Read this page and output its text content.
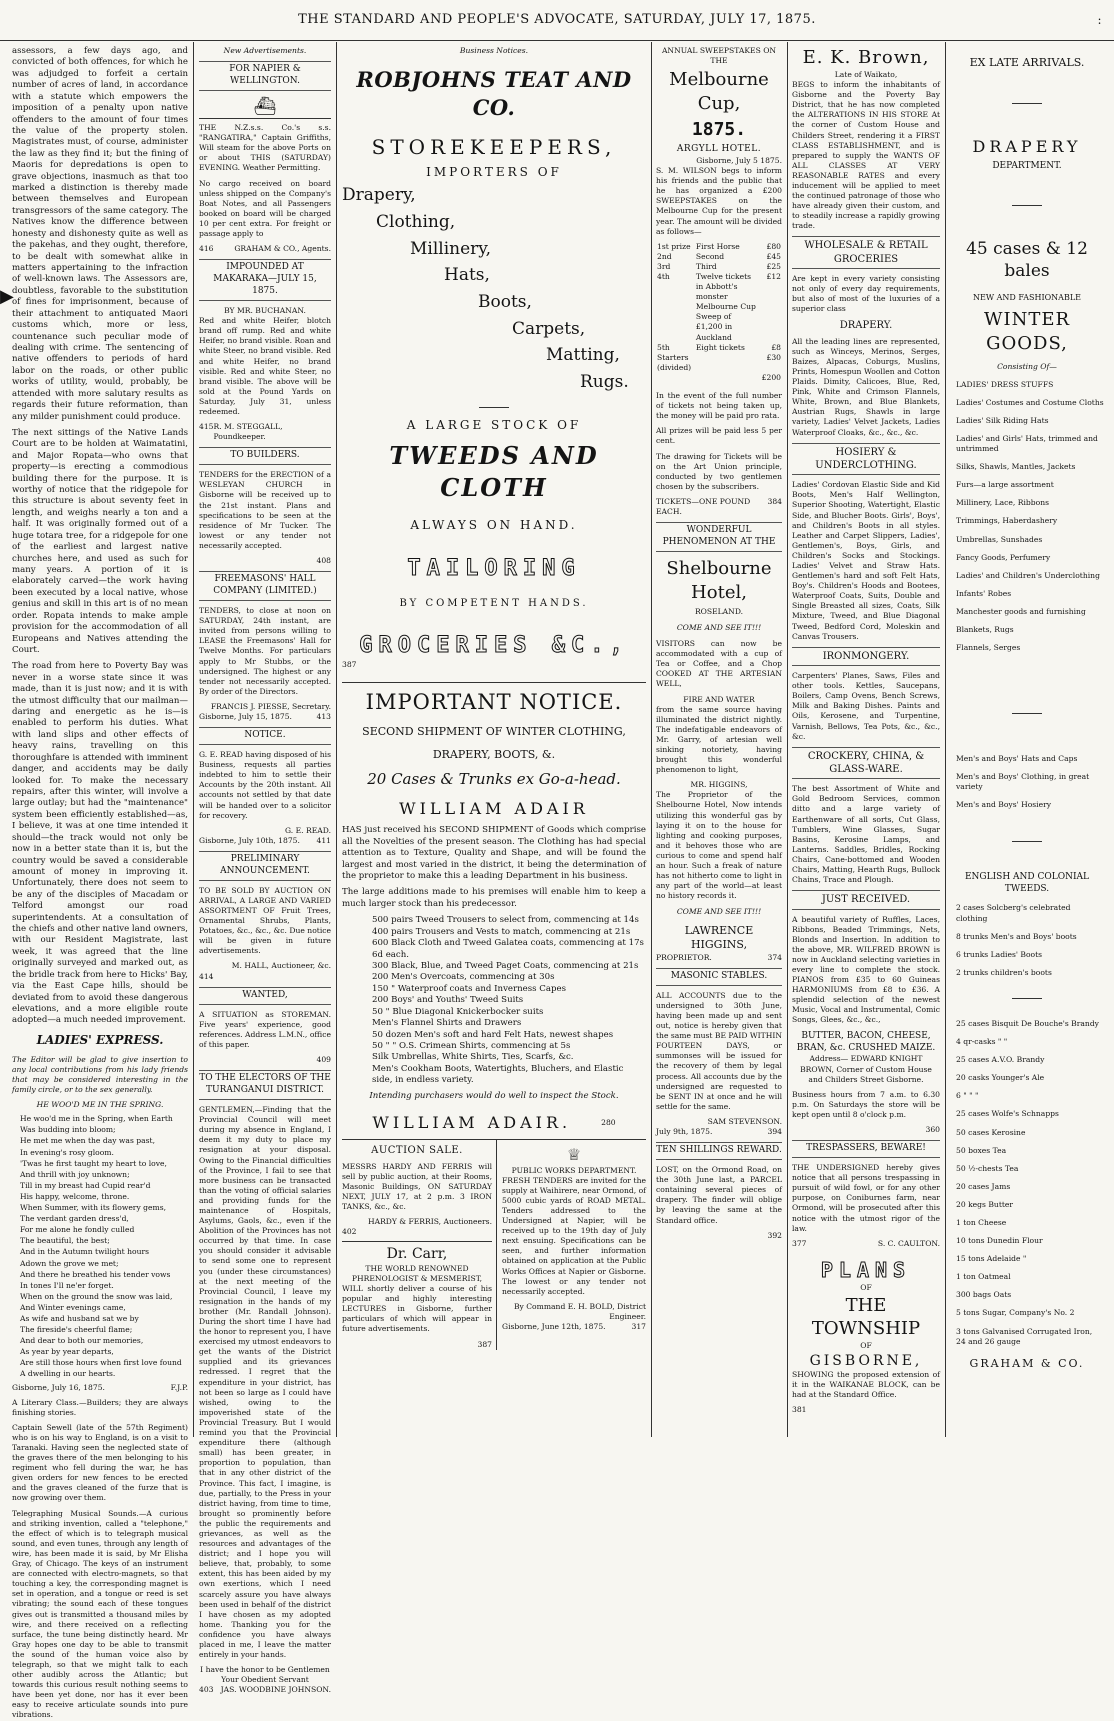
THE STANDARD AND PEOPLE'S ADVOCATE, SATURDAY, JULY 17, 1875.	:
▶

assessors, a few days ago, and convicted of both offences, for which he was adjudged to forfeit a certain number of acres of land, in accordance with a statute which empowers the imposition of a penalty upon native offenders to the amount of four times the value of the property stolen. Magistrates must, of course, administer the law as they find it; but the fining of Maoris for depredations is open to grave objections, inasmuch as that too marked a distinction is thereby made between themselves and European transgressors of the same category. The Natives know the difference between honesty and dishonesty quite as well as the pakehas, and they ought, therefore, to be dealt with somewhat alike in matters appertaining to the infraction of well-known laws. The Assessors are, doubtless, favorable to the substitution of fines for imprisonment, because of their attachment to antiquated Maori customs which, more or less, countenance such peculiar mode of dealing with crime. The sentencing of native offenders to periods of hard labor on the roads, or other public works of utility, would, probably, be attended with more salutary results as regards their future reformation, than any milder punishment could produce.

The next sittings of the Native Lands Court are to be holden at Waimatatini, and Major Ropata—who owns that property—is erecting a commodious building there for the purpose. It is worthy of notice that the ridgepole for this structure is about seventy feet in length, and weighs nearly a ton and a half. It was originally formed out of a huge totara tree, for a ridgepole for one of the earliest and largest native churches here, and used as such for many years. A portion of it is elaborately carved—the work having been executed by a local native, whose genius and skill in this art is of no mean order. Ropata intends to make ample provision for the accommodation of all Europeans and Natives attending the Court.

The road from here to Poverty Bay was never in a worse state since it was made, than it is just now; and it is with the utmost difficulty that our mailman—daring and energetic as he is—is enabled to perform his duties. What with land slips and other effects of heavy rains, travelling on this thoroughfare is attended with imminent danger, and accidents may be daily looked for. To make the necessary repairs, after this winter, will involve a large outlay; but had the "maintenance" system been efficiently established—as, I believe, it was at one time intended it should—the track would not only be now in a better state than it is, but the country would be saved a considerable amount of money in improving it. Unfortunately, there does not seem to be any of the disciples of Macadam or Telford amongst our road superintendents. At a consultation of the chiefs and other native land owners, with our Resident Magistrate, last week, it was agreed that the line originally surveyed and marked out, as the bridle track from here to Hicks' Bay, via the East Cape hills, should be deviated from to avoid these dangerous elevations, and a more eligible route adopted—a much needed improvement.

LADIES' EXPRESS.

The Editor will be glad to give insertion to any local contributions from his lady friends that may be considered interesting in the family circle, or to the sex generally.

HE WOO'D ME IN THE SPRING.
He woo'd me in the Spring, when Earth
Was budding into bloom;
He met me when the day was past,
In evening's rosy gloom.
'Twas he first taught my heart to love,
And thrill with joy unknown;
Till in my breast had Cupid rear'd
His happy, welcome, throne.
When Summer, with its flowery gems,
The verdant garden dress'd,
For me alone he fondly culled
The beautiful, the best;
And in the Autumn twilight hours
Adown the grove we met;
And there he breathed his tender vows
In tones I'll ne'er forget.
When on the ground the snow was laid,
And Winter evenings came,
As wife and husband sat we by
The fireside's cheerful flame;
And dear to both our memories,
As year by year departs,
Are still those hours when first love found
A dwelling in our hearts.
Gisborne, July 16, 1875.	F.J.P.

A Literary Class.—Builders; they are always finishing stories.

Captain Sewell (late of the 57th Regiment) who is on his way to England, is on a visit to Taranaki. Having seen the neglected state of the graves there of the men belonging to his regiment who fell during the war, he has given orders for new fences to be erected and the graves cleaned of the furze that is now growing over them.

Telegraphing Musical Sounds.—A curious and striking invention, called a "telephone," the effect of which is to telegraph musical sound, and even tunes, through any length of wire, has been made it is said, by Mr Elisha Gray, of Chicago. The keys of an instrument are connected with electro-magnets, so that touching a key, the corresponding magnet is set in operation, and a tongue or reed is set vibrating; the sound each of these tongues gives out is transmitted a thousand miles by wire, and there received on a reflecting surface, the tune being distinctly heard. Mr Gray hopes one day to be able to transmit the sound of the human voice also by telegraph, so that we might talk to each other audibly across the Atlantic; but towards this curious result nothing seems to have been yet done, nor has it ever been easy to receive articulate sounds into pure vibrations.

New Advertisements.
FOR NAPIER & WELLINGTON.
⛴

THE N.Z.s.s. Co.'s s.s. "RANGATIRA," Captain Griffiths, Will steam for the above Ports on or about THIS (SATURDAY) EVENING. Weather Permitting.

No cargo received on board unless shipped on the Company's Boat Notes, and all Passengers booked on board will be charged 10 per cent extra. For freight or passage apply to

416	GRAHAM & CO., Agents.
IMPOUNDED AT MAKARAKA—JULY 15, 1875.
BY MR. BUCHANAN.

Red and white Heifer, blotch brand off rump. Red and white Heifer, no brand visible. Roan and white Steer, no brand visible. Red and white Heifer, no brand visible. Red and white Steer, no brand visible. The above will be sold at the Pound Yards on Saturday, July 31, unless redeemed.

415 R. M. STEGGALL, Poundkeeper.
TO BUILDERS.

TENDERS for the ERECTION of a WESLEYAN CHURCH in Gisborne will be received up to the 21st instant. Plans and specifications to be seen at the residence of Mr Tucker. The lowest or any tender not necessarily accepted.

408
FREEMASONS' HALL COMPANY (LIMITED.)

TENDERS, to close at noon on SATURDAY, 24th instant, are invited from persons willing to LEASE the Freemasons' Hall for Twelve Months. For particulars apply to Mr Stubbs, or the undersigned. The highest or any tender not necessarily accepted. By order of the Directors.

FRANCIS J. PIESSE, Secretary.
Gisborne, July 15, 1875.	413
NOTICE.

G. E. READ having disposed of his Business, requests all parties indebted to him to settle their Accounts by the 20th instant. All accounts not settled by that date will be handed over to a solicitor for recovery.

G. E. READ.
Gisborne, July 10th, 1875. 411
PRELIMINARY ANNOUNCEMENT.

TO BE SOLD BY AUCTION ON ARRIVAL, A LARGE AND VARIED ASSORTMENT OF Fruit Trees, Ornamental Shrubs, Plants, Potatoes, &c., &c., &c. Due notice will be given in future advertisements.

M. HALL, Auctioneer, &c.
414
WANTED,

A SITUATION as STOREMAN. Five years' experience, good references. Address L.M.N., office of this paper.

409
TO THE ELECTORS OF THE TURANGANUI DISTRICT.

GENTLEMEN,—Finding that the Provincial Council will meet during my absence in England, I deem it my duty to place my resignation at your disposal. Owing to the Financial difficulties of the Province, I fail to see that more business can be transacted than the voting of official salaries and providing funds for the maintenance of Hospitals, Asylums, Gaols, &c., even if the Abolition of the Provinces has not occurred by that time. In case you should consider it advisable to send some one to represent you (under these circumstances) at the next meeting of the Provincial Council, I leave my resignation in the hands of my brother (Mr. Randall Johnson). During the short time I have had the honor to represent you, I have exercised my utmost endeavors to get the wants of the District supplied and its grievances redressed. I regret that the expenditure in your district, has not been so large as I could have wished, owing to the impoverished state of the Provincial Treasury. But I would remind you that the Provincial expenditure there (although small) has been greater, in proportion to population, than that in any other district of the Province. This fact, I imagine, is due, partially, to the Press in your district having, from time to time, brought so prominently before the public the requirements and grievances, as well as the resources and advantages of the district; and I hope you will believe, that, probably, to some extent, this has been aided by my own exertions, which I need scarcely assure you have always been used in behalf of the district I have chosen as my adopted home. Thanking you for the confidence you have always placed in me, I leave the matter entirely in your hands.

I have the honor to be Gentlemen Your Obedient Servant
403 JAS. WOODBINE JOHNSON.
Business Notices.
ROBJOHNS TEAT AND CO.
STOREKEEPERS,
IMPORTERS OF
Drapery,
Clothing,
Millinery,
Hats,
Boots,
Carpets,
Matting,
Rugs.
A LARGE STOCK OF
TWEEDS AND CLOTH
ALWAYS ON HAND.
TAILORING
BY COMPETENT HANDS.
GROCERIES &C.,
387
IMPORTANT NOTICE.
SECOND SHIPMENT OF WINTER CLOTHING,
DRAPERY, BOOTS, &.
20 Cases & Trunks ex Go-a-head.
WILLIAM ADAIR

HAS just received his SECOND SHIPMENT of Goods which comprise all the Novelties of the present season. The Clothing has had special attention as to Texture, Quality and Shape, and will be found the largest and most varied in the district, it being the determination of the proprietor to make this a leading Department in his business.

The large additions made to his premises will enable him to keep a much larger stock than his predecessor.

500 pairs Tweed Trousers to select from, commencing at 14s
400 pairs Trousers and Vests to match, commencing at 21s
600 Black Cloth and Tweed Galatea coats, commencing at 17s 6d each.
300 Black, Blue, and Tweed Paget Coats, commencing at 21s
200 Men's Overcoats, commencing at 30s
150 " Waterproof coats and Inverness Capes
200 Boys' and Youths' Tweed Suits
50 " Blue Diagonal Knickerbocker suits
Men's Flannel Shirts and Drawers
50 dozen Men's soft and hard Felt Hats, newest shapes
50 " " O.S. Crimean Shirts, commencing at 5s
Silk Umbrellas, White Shirts, Ties, Scarfs, &c.
Men's Cookham Boots, Watertights, Bluchers, and Elastic side, in endless variety.
Intending purchasers would do well to inspect the Stock.
WILLIAM ADAIR.	280
AUCTION SALE.

MESSRS HARDY AND FERRIS will sell by public auction, at their Rooms, Masonic Buildings, ON SATURDAY NEXT, JULY 17, at 2 p.m. 3 IRON TANKS, &c., &c.

HARDY & FERRIS, Auctioneers.
402
Dr. Carr,
THE WORLD RENOWNED PHRENOLOGIST & MESMERIST,

WILL shortly deliver a course of his popular and highly interesting LECTURES in Gisborne, further particulars of which will appear in future advertisements.

387
♕
PUBLIC WORKS DEPARTMENT.

FRESH TENDERS are invited for the supply at Waihirere, near Ormond, of 5000 cubic yards of ROAD METAL. Tenders addressed to the Undersigned at Napier, will be received up to the 19th day of July next ensuing. Specifications can be seen, and further information obtained on application at the Public Works Offices at Napier or Gisborne. The lowest or any tender not necessarily accepted.

By Command E. H. BOLD, District Engineer.
Gisborne, June 12th, 1875.	317
ANNUAL SWEEPSTAKES ON THE
Melbourne Cup,
1875.
ARGYLL HOTEL.
Gisborne, July 5 1875.

S. M. WILSON begs to inform his friends and the public that he has organized a £200 SWEEPSTAKES on the Melbourne Cup for the present year. The amount will be divided as follows—

1st prize	First Horse	£80
2nd	Second	£45
3rd	Third	£25
4th	Twelve tickets in Abbott's monster Melbourne Cup Sweep of £1,200 in Auckland	£12
5th	Eight tickets	£8
Starters (divided)		£30
		£200

In the event of the full number of tickets not being taken up, the money will be paid pro rata.

All prizes will be paid less 5 per cent.

The drawing for Tickets will be on the Art Union principle, conducted by two gentlemen chosen by the subscribers.

TICKETS—ONE POUND EACH.
384
WONDERFUL PHENOMENON AT THE
Shelbourne Hotel,
ROSELAND.
COME AND SEE IT!!!

VISITORS can now be accommodated with a cup of Tea or Coffee, and a Chop COOKED AT THE ARTESIAN WELL,

FIRE AND WATER

from the same source having illuminated the district nightly. The indefatigable endeavors of Mr. Garry, of artesian well sinking notoriety, having brought this wonderful phenomenon to light,

MR. HIGGINS,

The Proprietor of the Shelbourne Hotel, Now intends utilizing this wonderful gas by laying it on to the house for lighting and cooking purposes, and it behoves those who are curious to come and spend half an hour. Such a freak of nature has not hitherto come to light in any part of the world—at least no history records it.

COME AND SEE IT!!!
LAWRENCE HIGGINS,
PROPRIETOR.	374
MASONIC STABLES.

ALL ACCOUNTS due to the undersigned to 30th June, having been made up and sent out, notice is hereby given that the same must BE PAID WITHIN FOURTEEN DAYS, or summonses will be issued for the recovery of them by legal process. All accounts due by the undersigned are requested to be SENT IN at once and he will settle for the same.

SAM STEVENSON.
July 9th, 1875.	394
TEN SHILLINGS REWARD.

LOST, on the Ormond Road, on the 30th June last, a PARCEL containing several pieces of drapery. The finder will oblige by leaving the same at the Standard office.

392
E. K. Brown,
Late of Waikato,

BEGS to inform the inhabitants of Gisborne and the Poverty Bay District, that he has now completed the ALTERATIONS IN HIS STORE At the corner of Custom House and Childers Street, rendering it a FIRST CLASS ESTABLISHMENT, and is prepared to supply the WANTS OF ALL CLASSES AT VERY REASONABLE RATES and every inducement will be applied to meet the continued patronage of those who have already given their custom, and to steadily increase a rapidly growing trade.

WHOLESALE & RETAIL GROCERIES

Are kept in every variety consisting not only of every day requirements, but also of most of the luxuries of a superior class

DRAPERY.

All the leading lines are represented, such as Winceys, Merinos, Serges, Baizes, Alpacas, Coburgs, Muslins, Prints, Homespun Woollen and Cotton Plaids. Dimity, Calicoes, Blue, Red, Pink, White and Crimson Flannels, White, Brown, and Blue Blankets, Austrian Rugs, Shawls in large variety, Ladies' Velvet Jackets, Ladies Waterproof Cloaks, &c., &c., &c.

HOSIERY & UNDERCLOTHING.

Ladies' Cordovan Elastic Side and Kid Boots, Men's Half Wellington, Superior Shooting, Watertight, Elastic Side, and Blucher Boots. Girls', Boys', and Children's Boots in all styles. Leather and Carpet Slippers, Ladies', Gentlemen's, Boys, Girls, and Children's Socks and Stockings. Ladies' Velvet and Straw Hats. Gentlemen's hard and soft Felt Hats, Boy's. Children's Hoods and Bootees, Waterproof Coats, Suits, Double and Single Breasted all sizes, Coats, Silk Mixture, Tweed, and Blue Diagonal Tweed, Bedford Cord, Moleskin and Canvas Trousers.

IRONMONGERY.

Carpenters' Planes, Saws, Files and other tools. Kettles, Saucepans, Boilers, Camp Ovens, Bench Screws, Milk and Baking Dishes. Paints and Oils, Kerosene, and Turpentine, Varnish, Bellows, Tea Pots, &c., &c., &c.

CROCKERY, CHINA, & GLASS-WARE.

The best Assortment of White and Gold Bedroom Services, common ditto and a large variety of Earthenware of all sorts, Cut Glass, Tumblers, Wine Glasses, Sugar Basins, Kerosine Lamps, and Lanterns. Saddles, Bridles, Rocking Chairs, Cane-bottomed and Wooden Chairs, Matting, Hearth Rugs, Bullock Chains, Trace and Plough.

JUST RECEIVED.

A beautiful variety of Ruffles, Laces, Ribbons, Beaded Trimmings, Nets, Blonds and Insertion. In addition to the above, MR. WILFRED BROWN is now in Auckland selecting varieties in every line to complete the stock. PIANOS from £35 to 60 Guineas HARMONIUMS from £8 to £36. A splendid selection of the newest Music, Vocal and Instrumental, Comic Songs, Glees, &c., &c.,

BUTTER, BACON, CHEESE, BRAN, &c. CRUSHED MAIZE.

Address— EDWARD KNIGHT BROWN, Corner of Custom House and Childers Street Gisborne.

Business hours from 7 a.m. to 6.30 p.m. On Saturdays the store will be kept open until 8 o'clock p.m.

360
TRESPASSERS, BEWARE!

THE UNDERSIGNED hereby gives notice that all persons trespassing in pursuit of wild fowl, or for any other purpose, on Coniburnes farm, near Ormond, will be prosecuted after this notice with the utmost rigor of the law.

377	S. C. CAULTON.
PLANS
OF
THE TOWNSHIP
OF
GISBORNE,

SHOWING the proposed extension of it in the WAIKANAE BLOCK, can be had at the Standard Office.

381
EX LATE ARRIVALS.
DRAPERY
DEPARTMENT.
45 cases & 12 bales
NEW AND FASHIONABLE
WINTER GOODS,
Consisting Of—
LADIES' DRESS STUFFS
Ladies' Costumes and Costume Cloths
Ladies' Silk Riding Hats
Ladies' and Girls' Hats, trimmed and untrimmed
Silks, Shawls, Mantles, Jackets
Furs—a large assortment
Millinery, Lace, Ribbons
Trimmings, Haberdashery
Umbrellas, Sunshades
Fancy Goods, Perfumery
Ladies' and Children's Underclothing
Infants' Robes
Manchester goods and furnishing
Blankets, Rugs
Flannels, Serges
Men's and Boys' Hats and Caps
Men's and Boys' Clothing, in great variety
Men's and Boys' Hosiery
ENGLISH AND COLONIAL TWEEDS.
2 cases Solcberg's celebrated clothing
8 trunks Men's and Boys' boots
6 trunks Ladies' Boots
2 trunks children's boots
25 cases Bisquit De Bouche's Brandy
4 qr-casks " "
25 cases A.V.O. Brandy
20 casks Younger's Ale
6 " " "
25 cases Wolfe's Schnapps
50 cases Kerosine
50 boxes Tea
50 ½-chests Tea
20 cases Jams
20 kegs Butter
1 ton Cheese
10 tons Dunedin Flour
15 tons Adelaide "
1 ton Oatmeal
300 bags Oats
5 tons Sugar, Company's No. 2
3 tons Galvanised Corrugated Iron, 24 and 26 gauge
GRAHAM & CO.
